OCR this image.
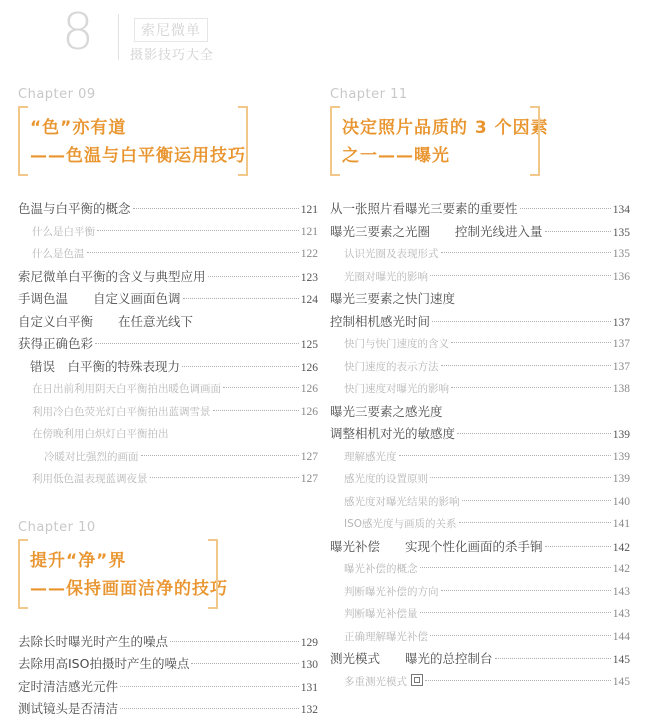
8	索尼微单
摄影技巧大全
Chapter 09
“色”亦有道
——色温与白平衡运用技巧
色温与白平衡的概念	121
什么是白平衡	121
什么是色温	122
索尼微单白平衡的含义与典型应用	123
手调色温　　自定义画面色调	124
自定义白平衡　　在任意光线下
获得正确色彩	125
错误　白平衡的特殊表现力	126
在日出前利用阴天白平衡拍出暖色调画面	126
利用冷白色荧光灯白平衡拍出蓝调雪景	126
在傍晚利用白炽灯白平衡拍出
冷暖对比强烈的画面	127
利用低色温表现蓝调夜景	127
Chapter 10
提升“净”界
——保持画面洁净的技巧
去除长时曝光时产生的噪点	129
去除用高ISO拍摄时产生的噪点	130
定时清洁感光元件	131
测试镜头是否清洁	132
Chapter 11
决定照片品质的 3 个因素
之一——曝光
从一张照片看曝光三要素的重要性	134
曝光三要素之光圈　　控制光线进入量	135
认识光圈及表现形式	135
光圈对曝光的影响	136
曝光三要素之快门速度
控制相机感光时间	137
快门与快门速度的含义	137
快门速度的表示方法	137
快门速度对曝光的影响	138
曝光三要素之感光度
调整相机对光的敏感度	139
理解感光度	139
感光度的设置原则	139
感光度对曝光结果的影响	140
ISO感光度与画质的关系	141
曝光补偿　　实现个性化画面的杀手锏	142
曝光补偿的概念	142
判断曝光补偿的方向	143
判断曝光补偿量	143
正确理解曝光补偿	144
测光模式　　曝光的总控制台	145
多重测光模式	145
